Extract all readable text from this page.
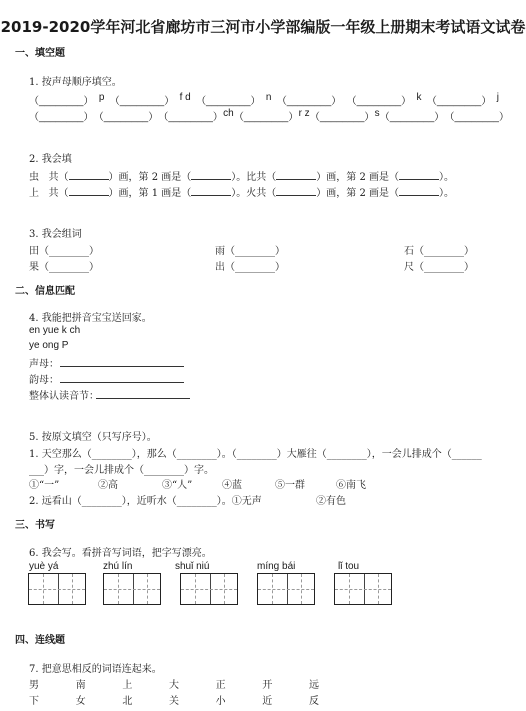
2019-2020学年河北省廊坊市三河市小学部编版一年级上册期末考试语文试卷
一、填空题
1. 按声母顺序填空。
（________） p （________） f d （________） n （________） （________） k （________） j
（________） （________） （________） ch （________） r z （________） s （________） （________）
2. 我会填
虫 共（	）画，第 2 画是（	）。比共（	）画，第 2 画是（	）。
上 共（	）画，第 1 画是（	）。火共（	）画，第 2 画是（	）。
3. 我会组词
田（________）	雨（________）	石（________）
果（________）	出（________）	尺（________）
二、信息匹配
4. 我能把拼音宝宝送回家。
en yue k ch
ye ong P
声母：
韵母：
整体认读音节：
5. 按原文填空（只写序号）。
1. 天空那么（________），那么（________）。（________）大雁往（________），一会儿排成个（______
___）字，一会儿排成个（________）字。
①“一”	②高	③“人”	④蓝	⑤一群	⑥南飞
2. 远看山（________），近听水（________）。①无声	②有色
三、书写
6. 我会写。看拼音写词语，把字写漂亮。
yuè yá	zhú lín	shuǐ niú	míng bái	lǐ tou
四、连线题
7. 把意思相反的词语连起来。
男	南	上	大	正	开	远
下	女	北	关	小	近	反
